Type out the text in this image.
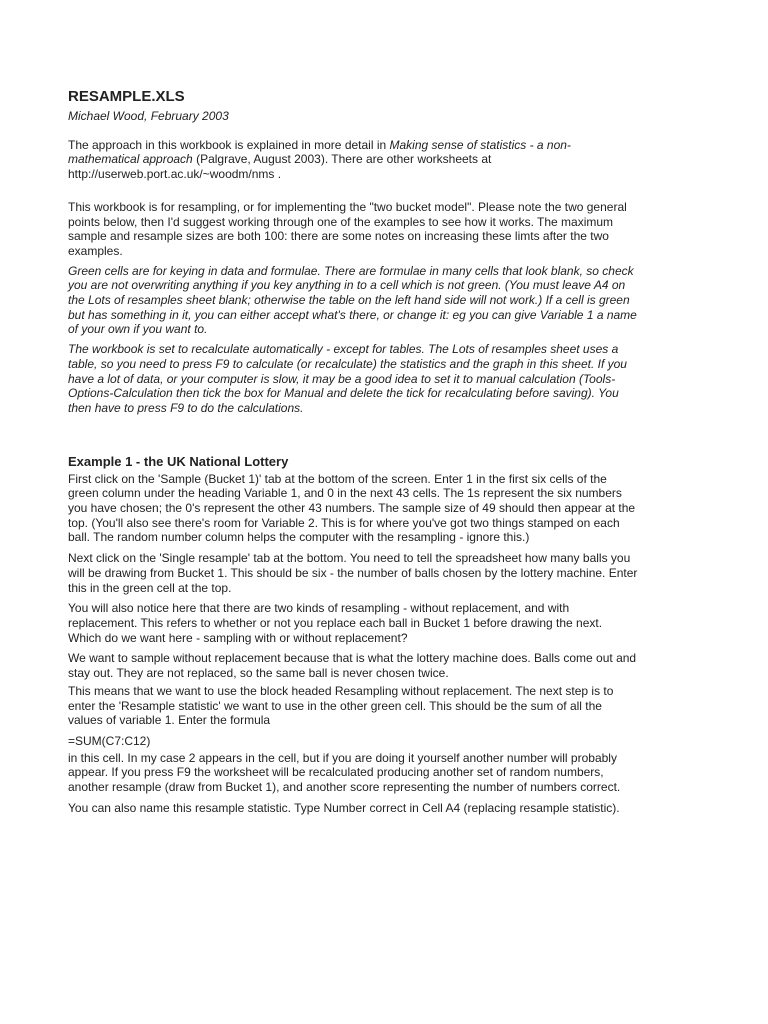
RESAMPLE.XLS

Michael Wood, February 2003

The approach in this workbook is explained in more detail in Making sense of statistics - a non-mathematical approach (Palgrave, August 2003). There are other worksheets at http://userweb.port.ac.uk/~woodm/nms .

This workbook is for resampling, or for implementing the "two bucket model". Please note the two general points below, then I'd suggest working through one of the examples to see how it works. The maximum sample and resample sizes are both 100: there are some notes on increasing these limts after the two examples.

Green cells are for keying in data and formulae. There are formulae in many cells that look blank, so check you are not overwriting anything if you key anything in to a cell which is not green. (You must leave A4 on the Lots of resamples sheet blank; otherwise the table on the left hand side will not work.) If a cell is green but has something in it, you can either accept what's there, or change it: eg you can give Variable 1 a name of your own if you want to.

The workbook is set to recalculate automatically - except for tables. The Lots of resamples sheet uses a table, so you need to press F9 to calculate (or recalculate) the statistics and the graph in this sheet. If you have a lot of data, or your computer is slow, it may be a good idea to set it to manual calculation (Tools-Options-Calculation then tick the box for Manual and delete the tick for recalculating before saving). You then have to press F9 to do the calculations.

Example 1 - the UK National Lottery

First click on the 'Sample (Bucket 1)' tab at the bottom of the screen. Enter 1 in the first six cells of the green column under the heading Variable 1, and 0 in the next 43 cells. The 1s represent the six numbers you have chosen; the 0's represent the other 43 numbers. The sample size of 49 should then appear at the top. (You'll also see there's room for Variable 2. This is for where you've got two things stamped on each ball. The random number column helps the computer with the resampling - ignore this.)

Next click on the 'Single resample' tab at the bottom. You need to tell the spreadsheet how many balls you will be drawing from Bucket 1. This should be six - the number of balls chosen by the lottery machine. Enter this in the green cell at the top.

You will also notice here that there are two kinds of resampling - without replacement, and with replacement. This refers to whether or not you replace each ball in Bucket 1 before drawing the next. Which do we want here - sampling with or without replacement?

We want to sample without replacement because that is what the lottery machine does. Balls come out and stay out. They are not replaced, so the same ball is never chosen twice.

This means that we want to use the block headed Resampling without replacement. The next step is to enter the 'Resample statistic' we want to use in the other green cell. This should be the sum of all the values of variable 1. Enter the formula

=SUM(C7:C12)

in this cell. In my case 2 appears in the cell, but if you are doing it yourself another number will probably appear. If you press F9 the worksheet will be recalculated producing another set of random numbers, another resample (draw from Bucket 1), and another score representing the number of numbers correct.

You can also name this resample statistic. Type Number correct in Cell A4 (replacing resample statistic).
